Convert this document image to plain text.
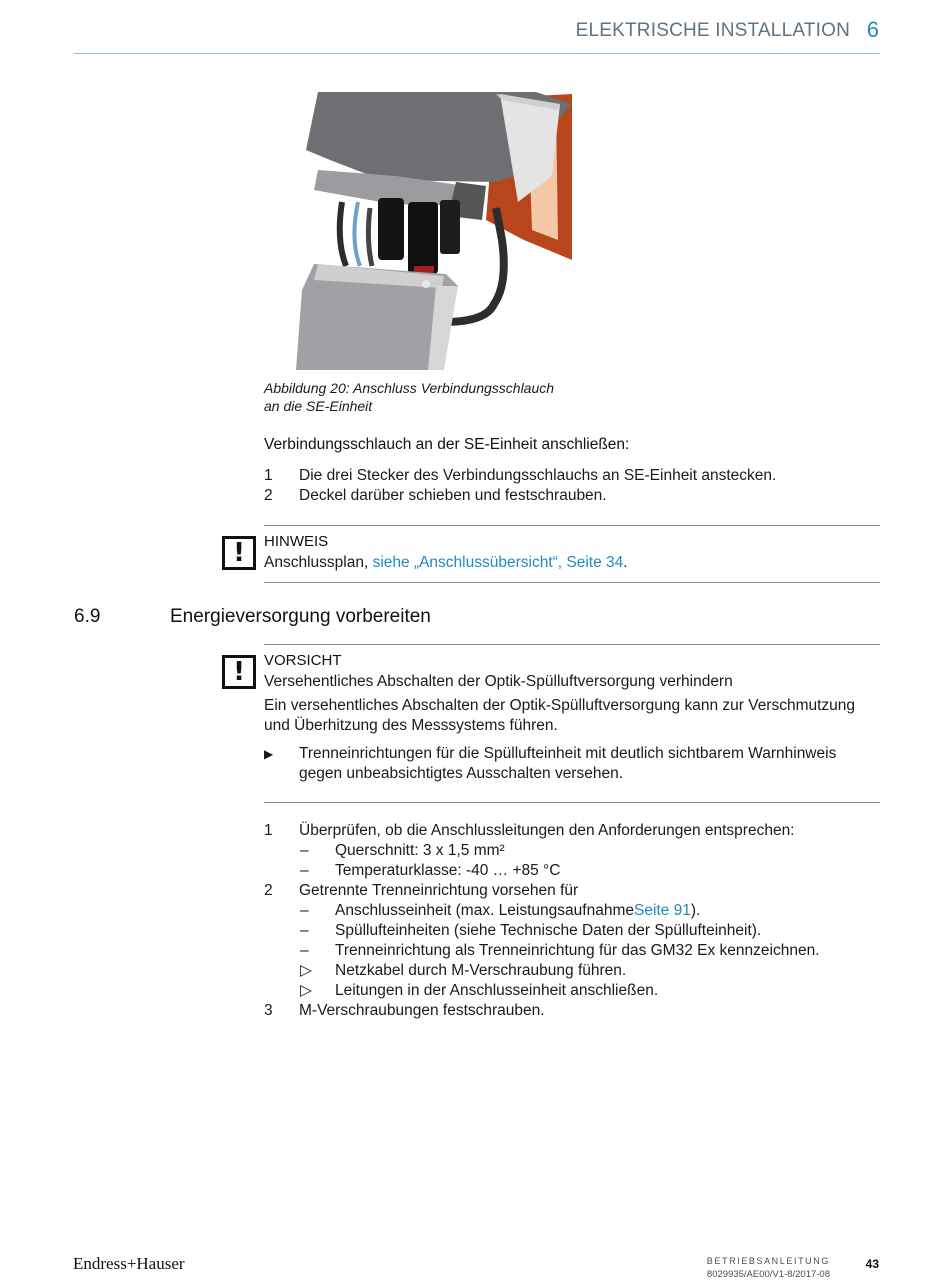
ELEKTRISCHE INSTALLATION 6
Abbildung 20: Anschluss Verbindungsschlauch
an die SE-Einheit
Verbindungsschlauch an der SE-Einheit anschließen:
1 Die drei Stecker des Verbindungsschlauchs an SE-Einheit anstecken.
2 Deckel darüber schieben und festschrauben.
!	HINWEIS
Anschlussplan, siehe „Anschlussübersicht“, Seite 34.
6.9	Energieversorgung vorbereiten
!	VORSICHT
Versehentliches Abschalten der Optik-Spülluftversorgung verhindern
Ein versehentliches Abschalten der Optik-Spülluftversorgung kann zur Verschmutzung
und Überhitzung des Messsystems führen.
▶ Trenneinrichtungen für die Spüllufteinheit mit deutlich sichtbarem Warnhinweis
gegen unbeabsichtigtes Ausschalten versehen.
1 Überprüfen, ob die Anschlussleitungen den Anforderungen entsprechen:
– Querschnitt: 3 x 1,5 mm²
– Temperaturklasse: -40 … +85 °C
2 Getrennte Trenneinrichtung vorsehen für
– Anschlusseinheit (max. LeistungsaufnahmeSeite 91).
– Spüllufteinheiten (siehe Technische Daten der Spüllufteinheit).
– Trenneinrichtung als Trenneinrichtung für das GM32 Ex kennzeichnen.
▷ Netzkabel durch M-Verschraubung führen.
▷ Leitungen in der Anschlusseinheit anschließen.
3 M-Verschraubungen festschrauben.
Endress+Hauser	BETRIEBSANLEITUNG
8029935/AE00/V1-8/2017-08
43
